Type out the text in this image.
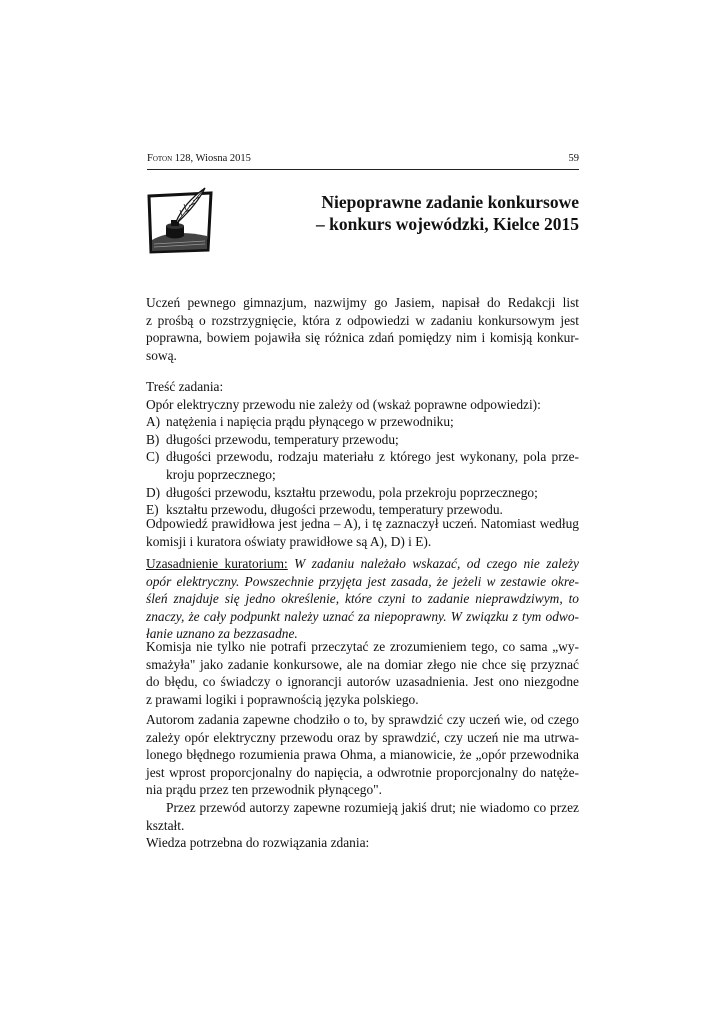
Foton 128, Wiosna 2015	59
Niepoprawne zadanie konkursowe
– konkurs wojewódzki, Kielce 2015
Uczeń pewnego gimnazjum, nazwijmy go Jasiem, napisał do Redakcji list
z prośbą o rozstrzygnięcie, która z odpowiedzi w zadaniu konkursowym jest
poprawna, bowiem pojawiła się różnica zdań pomiędzy nim i komisją konkur-
sową.
Treść zadania:
Opór elektryczny przewodu nie zależy od (wskaż poprawne odpowiedzi):
A) natężenia i napięcia prądu płynącego w przewodniku;
B) długości przewodu, temperatury przewodu;
C) długości przewodu, rodzaju materiału z którego jest wykonany, pola prze-
kroju poprzecznego;
D) długości przewodu, kształtu przewodu, pola przekroju poprzecznego;
E) kształtu przewodu, długości przewodu, temperatury przewodu.
Odpowiedź prawidłowa jest jedna – A), i tę zaznaczył uczeń. Natomiast według
komisji i kuratora oświaty prawidłowe są A), D) i E).
Uzasadnienie kuratorium: W zadaniu należało wskazać, od czego nie zależy
opór elektryczny. Powszechnie przyjęta jest zasada, że jeżeli w zestawie okre-
śleń znajduje się jedno określenie, które czyni to zadanie nieprawdziwym, to
znaczy, że cały podpunkt należy uznać za niepoprawny. W związku z tym odwo-
łanie uznano za bezzasadne.
Komisja nie tylko nie potrafi przeczytać ze zrozumieniem tego, co sama „wy-
smażyła" jako zadanie konkursowe, ale na domiar złego nie chce się przyznać
do błędu, co świadczy o ignorancji autorów uzasadnienia. Jest ono niezgodne
z prawami logiki i poprawnością języka polskiego.
Autorom zadania zapewne chodziło o to, by sprawdzić czy uczeń wie, od czego
zależy opór elektryczny przewodu oraz by sprawdzić, czy uczeń nie ma utrwa-
lonego błędnego rozumienia prawa Ohma, a mianowicie, że „opór przewodnika
jest wprost proporcjonalny do napięcia, a odwrotnie proporcjonalny do natęże-
nia prądu przez ten przewodnik płynącego".
Przez przewód autorzy zapewne rozumieją jakiś drut; nie wiadomo co przez
kształt.
Wiedza potrzebna do rozwiązania zdania:
